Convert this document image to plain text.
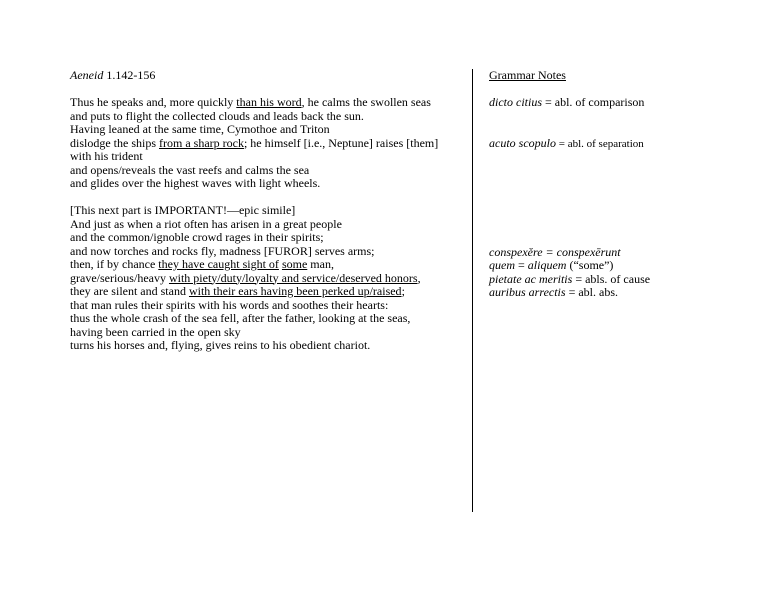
Aeneid 1.142-156
Thus he speaks and, more quickly than his word, he calms the swollen seas
and puts to flight the collected clouds and leads back the sun.
Having leaned at the same time, Cymothoe and Triton
dislodge the ships from a sharp rock; he himself [i.e., Neptune] raises [them] with his trident
and opens/reveals the vast reefs and calms the sea
and glides over the highest waves with light wheels.
[This next part is IMPORTANT!—epic simile]
And just as when a riot often has arisen in a great people
and the common/ignoble crowd rages in their spirits;
and now torches and rocks fly, madness [FUROR] serves arms;
then, if by chance they have caught sight of some man,
grave/serious/heavy with piety/duty/loyalty and service/deserved honors,
they are silent and stand with their ears having been perked up/raised;
that man rules their spirits with his words and soothes their hearts:
thus the whole crash of the sea fell, after the father, looking at the seas,
having been carried in the open sky
turns his horses and, flying, gives reins to his obedient chariot.
Grammar Notes
dicto citius = abl. of comparison
acuto scopulo = abl. of separation
conspexĕre = conspexērunt
quem = aliquem (“some”)
pietate ac meritis = abls. of cause
auribus arrectis = abl. abs.
